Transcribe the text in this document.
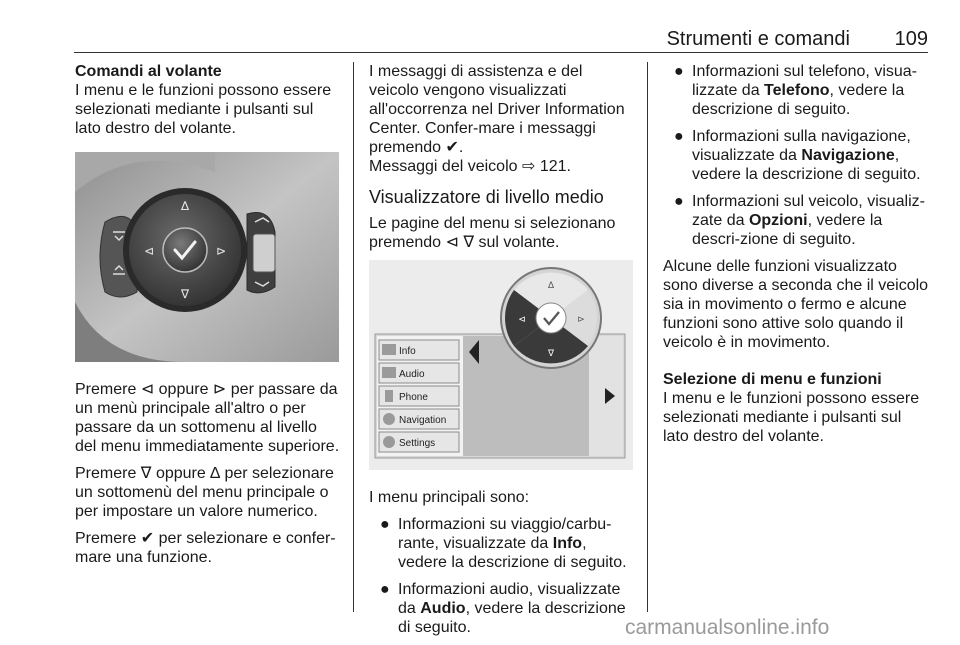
Strumenti e comandi	109

Comandi al volante

I menu e le funzioni possono essere selezionati mediante i pulsanti sul lato destro del volante.

∆
∇
⊲	⊳

Premere ⊲ oppure ⊳ per passare da un menù principale all'altro o per passare da un sottomenu al livello del menu immediatamente superiore.

Premere ∇ oppure ∆ per selezionare un sottomenù del menu principale o per impostare un valore numerico.

Premere ✔ per selezionare e confer-mare una funzione.

I messaggi di assistenza e del veicolo vengono visualizzati all'occorrenza nel Driver Information Center. Confer-mare i messaggi premendo ✔.

Messaggi del veicolo ⇨ 121.

Visualizzatore di livello medio

Le pagine del menu si selezionano premendo ⊲ ∇ sul volante.

Info
Audio
Phone
Navigation
Settings
∆
∇
⊲	⊳

I menu principali sono:

● Informazioni su viaggio/carbu-rante, visualizzate da Info, vedere la descrizione di seguito.
● Informazioni audio, visualizzate da Audio, vedere la descrizione di seguito.
● Informazioni sul telefono, visua-lizzate da Telefono, vedere la descrizione di seguito.
● Informazioni sulla navigazione, visualizzate da Navigazione, vedere la descrizione di seguito.
● Informazioni sul veicolo, visualiz-zate da Opzioni, vedere la descri-zione di seguito.

Alcune delle funzioni visualizzato sono diverse a seconda che il veicolo sia in movimento o fermo e alcune funzioni sono attive solo quando il veicolo è in movimento.

Selezione di menu e funzioni

I menu e le funzioni possono essere selezionati mediante i pulsanti sul lato destro del volante.

carmanualsonline.info
